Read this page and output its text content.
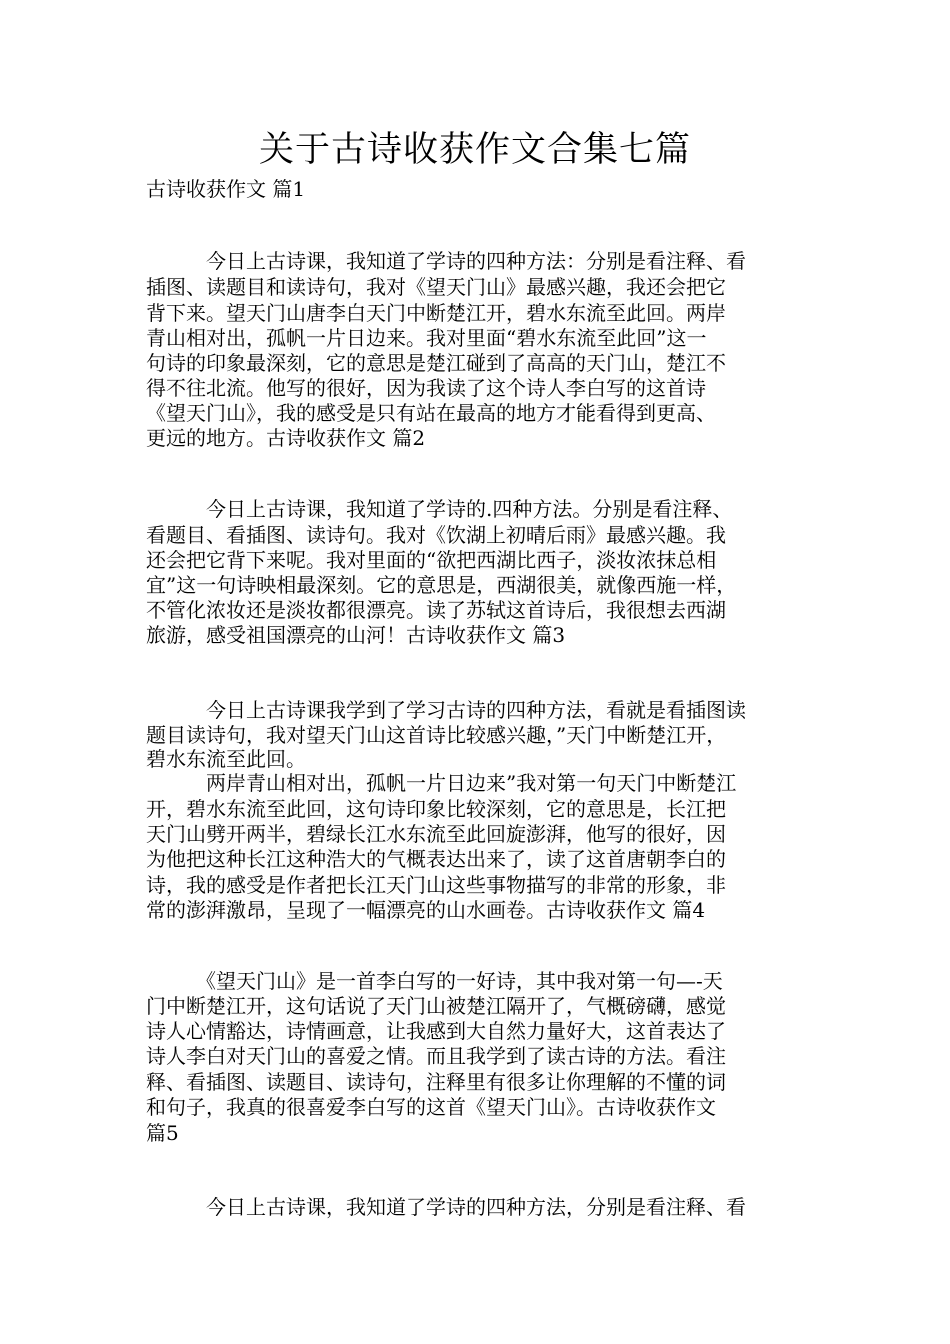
关于古诗收获作文合集七篇

古诗收获作文 篇1

　　　今日上古诗课，我知道了学诗的四种方法：分别是看注释、看

插图、读题目和读诗句，我对《望天门山》最感兴趣，我还会把它

背下来。望天门山唐李白天门中断楚江开，碧水东流至此回。两岸

青山相对出，孤帆一片日边来。我对里面“碧水东流至此回”这一

句诗的印象最深刻，它的意思是楚江碰到了高高的天门山，楚江不

得不往北流。他写的很好，因为我读了这个诗人李白写的这首诗

《望天门山》，我的感受是只有站在最高的地方才能看得到更高、

更远的地方。古诗收获作文 篇2

　　　今日上古诗课，我知道了学诗的.四种方法。分别是看注释、

看题目、看插图、读诗句。我对《饮湖上初晴后雨》最感兴趣。我

还会把它背下来呢。我对里面的“欲把西湖比西子，淡妆浓抹总相

宜”这一句诗映相最深刻。它的意思是，西湖很美，就像西施一样，

不管化浓妆还是淡妆都很漂亮。读了苏轼这首诗后，我很想去西湖

旅游，感受祖国漂亮的山河！古诗收获作文 篇3

　　　今日上古诗课我学到了学习古诗的四种方法，看就是看插图读

题目读诗句，我对望天门山这首诗比较感兴趣，”天门中断楚江开，

碧水东流至此回。

　　　两岸青山相对出，孤帆一片日边来”我对第一句天门中断楚江

开，碧水东流至此回，这句诗印象比较深刻，它的意思是，长江把

天门山劈开两半，碧绿长江水东流至此回旋澎湃，他写的很好，因

为他把这种长江这种浩大的气概表达出来了，读了这首唐朝李白的

诗，我的感受是作者把长江天门山这些事物描写的非常的形象，非

常的澎湃激昂，呈现了一幅漂亮的山水画卷。古诗收获作文 篇4

　　　《望天门山》是一首李白写的一好诗，其中我对第一句—-天

门中断楚江开，这句话说了天门山被楚江隔开了，气概磅礴，感觉

诗人心情豁达，诗情画意，让我感到大自然力量好大，这首表达了

诗人李白对天门山的喜爱之情。而且我学到了读古诗的方法。看注

释、看插图、读题目、读诗句，注释里有很多让你理解的不懂的词

和句子，我真的很喜爱李白写的这首《望天门山》。古诗收获作文

篇5

　　　今日上古诗课，我知道了学诗的四种方法，分别是看注释、看
